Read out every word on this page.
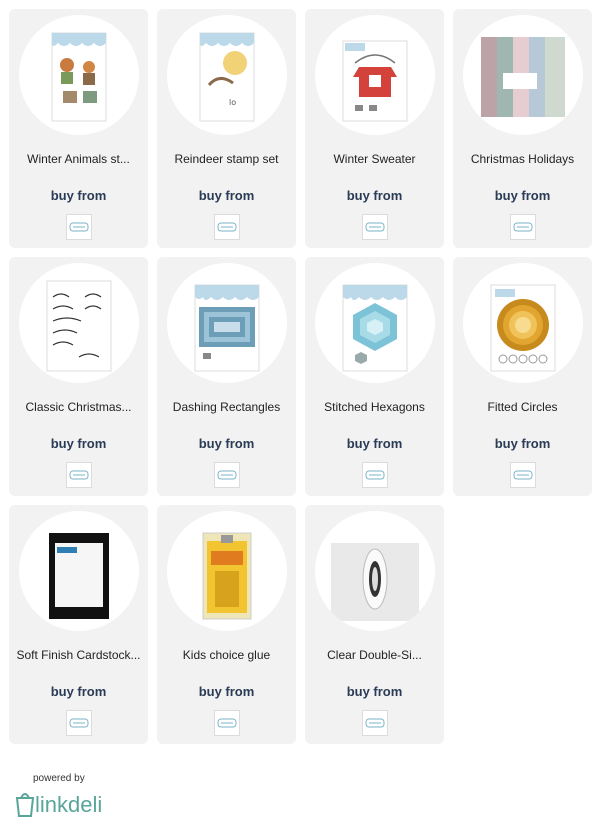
Winter Animals st...
buy from
lo
Reindeer stamp set
buy from
Winter Sweater
buy from
Christmas Holidays
buy from
Classic Christmas...
buy from
Dashing Rectangles
buy from
Stitched Hexagons
buy from
Fitted Circles
buy from
Soft Finish Cardstock...
buy from
Kids choice glue
buy from
Clear Double-Si...
buy from
powered by
linkdeli
